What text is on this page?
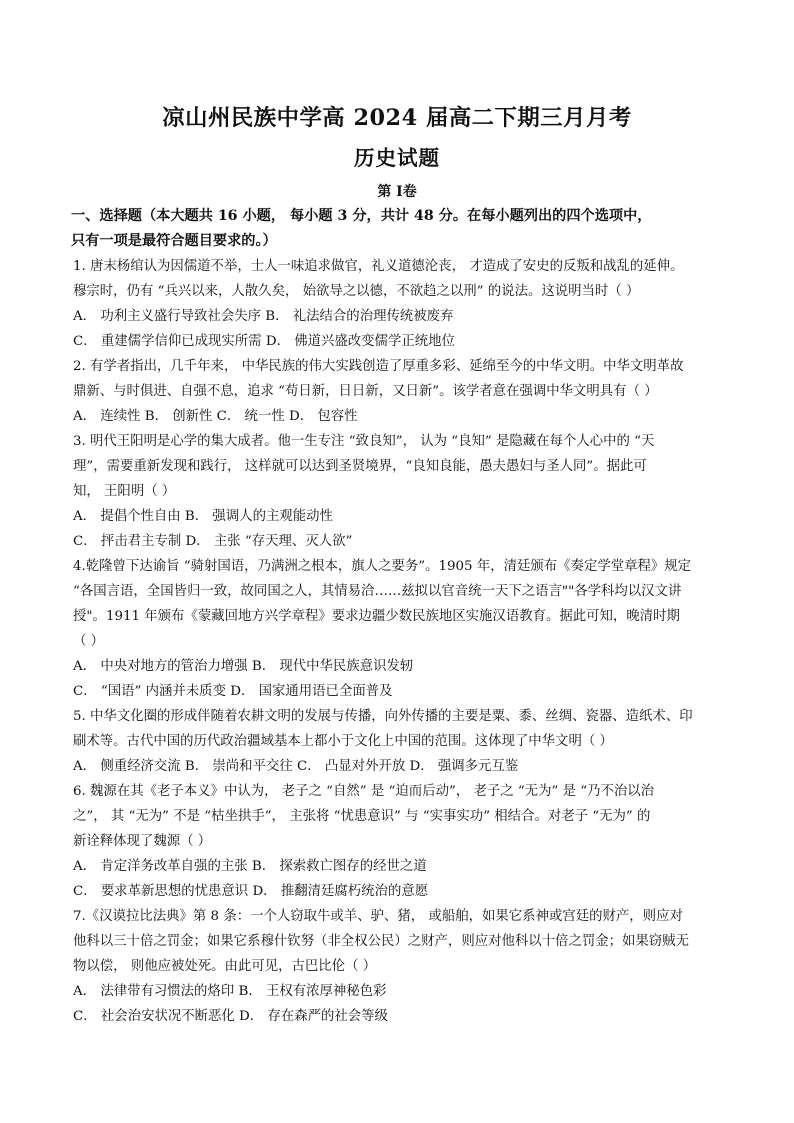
凉山州民族中学高 2024 届高二下期三月月考
历史试题
第 Ⅰ卷
一、选择题（本大题共 16 小题， 每小题 3 分，共计 48 分。在每小题列出的四个选项中，
只有一项是最符合题目要求的。）
1. 唐末杨绾认为因儒道不举，士人一味追求做官，礼义道德沦丧， 才造成了安史的反叛和战乱的延伸。
穆宗时，仍有 “兵兴以来，人散久矣， 始欲导之以德，不欲趋之以刑” 的说法。这说明当时（ ）
A． 功利主义盛行导致社会失序 B． 礼法结合的治理传统被废弃
C． 重建儒学信仰已成现实所需 D． 佛道兴盛改变儒学正统地位
2. 有学者指出，几千年来， 中华民族的伟大实践创造了厚重多彩、延绵至今的中华文明。中华文明革故
鼎新、与时俱进、自强不息，追求 “苟日新，日日新，又日新”。该学者意在强调中华文明具有（ ）
A． 连续性 B． 创新性 C． 统一性 D． 包容性
3. 明代王阳明是心学的集大成者。他一生专注 “致良知”， 认为 “良知” 是隐藏在每个人心中的 “天
理”，需要重新发现和践行， 这样就可以达到圣贤境界，“良知良能，愚夫愚妇与圣人同”。据此可
知， 王阳明（ ）
A． 提倡个性自由 B． 强调人的主观能动性
C． 抨击君主专制 D． 主张 “存天理、灭人欲”
4.乾隆曾下达谕旨 “骑射国语，乃满洲之根本，旗人之要务”。1905 年，清廷颁布《奏定学堂章程》规定
“各国言语，全国皆归一致，故同国之人，其情易洽……兹拟以官音统一天下之语言""各学科均以汉文讲
授"。1911 年颁布《蒙藏回地方兴学章程》要求边疆少数民族地区实施汉语教育。据此可知，晚清时期
（ ）
A． 中央对地方的管治力增强 B． 现代中华民族意识发轫
C． “国语” 内涵并未质变 D． 国家通用语已全面普及
5. 中华文化圈的形成伴随着农耕文明的发展与传播，向外传播的主要是粟、黍、丝绸、瓷器、造纸术、印
刷术等。古代中国的历代政治疆域基本上都小于文化上中国的范围。这体现了中华文明（ ）
A． 侧重经济交流 B． 崇尚和平交往 C． 凸显对外开放 D． 强调多元互鉴
6. 魏源在其《老子本义》中认为， 老子之 “自然” 是 “迫而后动”， 老子之 “无为” 是 “乃不治以治
之”， 其 “无为” 不是 “枯坐拱手”， 主张将 “忧患意识” 与 “实事实功” 相结合。对老子 “无为” 的
新诠释体现了魏源（ ）
A． 肯定洋务改革自强的主张 B． 探索救亡图存的经世之道
C． 要求革新思想的忧患意识 D． 推翻清廷腐朽统治的意愿
7.《汉谟拉比法典》第 8 条：一个人窃取牛或羊、驴、猪， 或船舶，如果它系神或宫廷的财产，则应对
他科以三十倍之罚金；如果它系穆什钦努（非全权公民）之财产，则应对他科以十倍之罚金；如果窃贼无
物以偿， 则他应被处死。由此可见，古巴比伦（ ）
A． 法律带有习惯法的烙印 B． 王权有浓厚神秘色彩
C． 社会治安状况不断恶化 D． 存在森严的社会等级
